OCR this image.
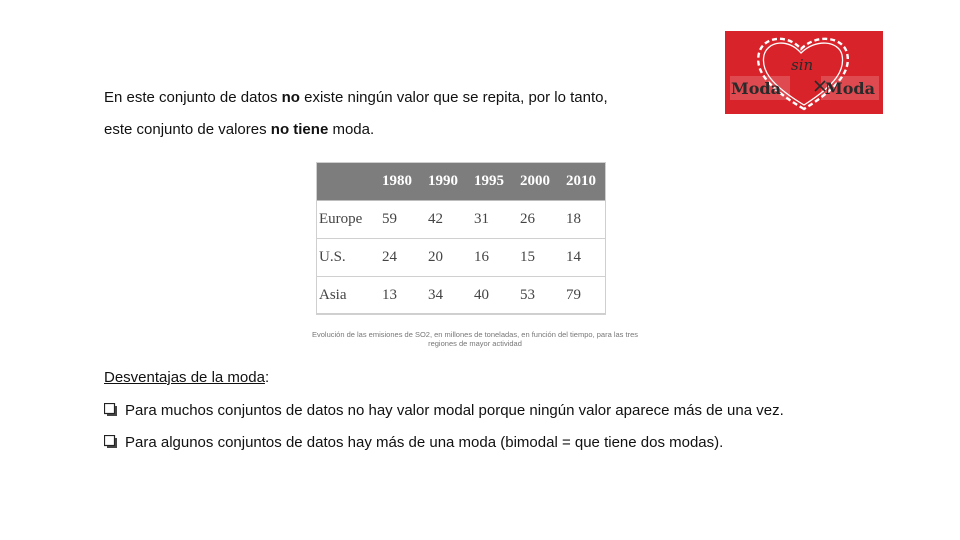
En este conjunto de datos no existe ningún valor que se repita, por lo tanto,
este conjunto de valores no tiene moda.
sin
Moda	Moda
	1980	1990	1995	2000	2010
Europe	59	42	31	26	18
U.S.	24	20	16	15	14
Asia	13	34	40	53	79
Evolución de las emisiones de SO2, en millones de toneladas, en función del tiempo, para las tres regiones de mayor actividad
Desventajas de la moda:
Para muchos conjuntos de datos no hay valor modal porque ningún valor aparece más de una vez.
Para algunos conjuntos de datos hay más de una moda (bimodal = que tiene dos modas).
